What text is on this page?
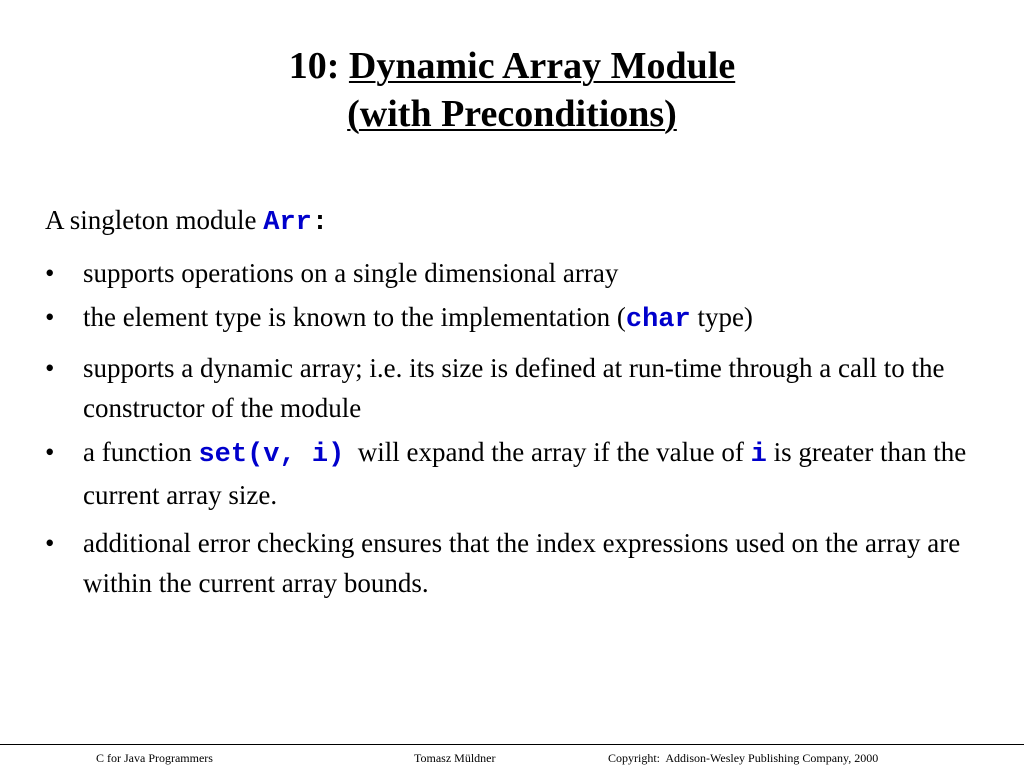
10: Dynamic Array Module
(with Preconditions)
A singleton module Arr:
• supports operations on a single dimensional array
• the element type is known to the implementation (char type)
• supports a dynamic array; i.e. its size is defined at run-time through a call to the constructor of the module
• a function set(v, i)  will expand the array if the value of i is greater than the current array size.
• additional error checking ensures that the index expressions used on the array are within the current array bounds.
C for Java Programmers	Tomasz Müldner	Copyright:  Addison-Wesley Publishing Company, 2000
